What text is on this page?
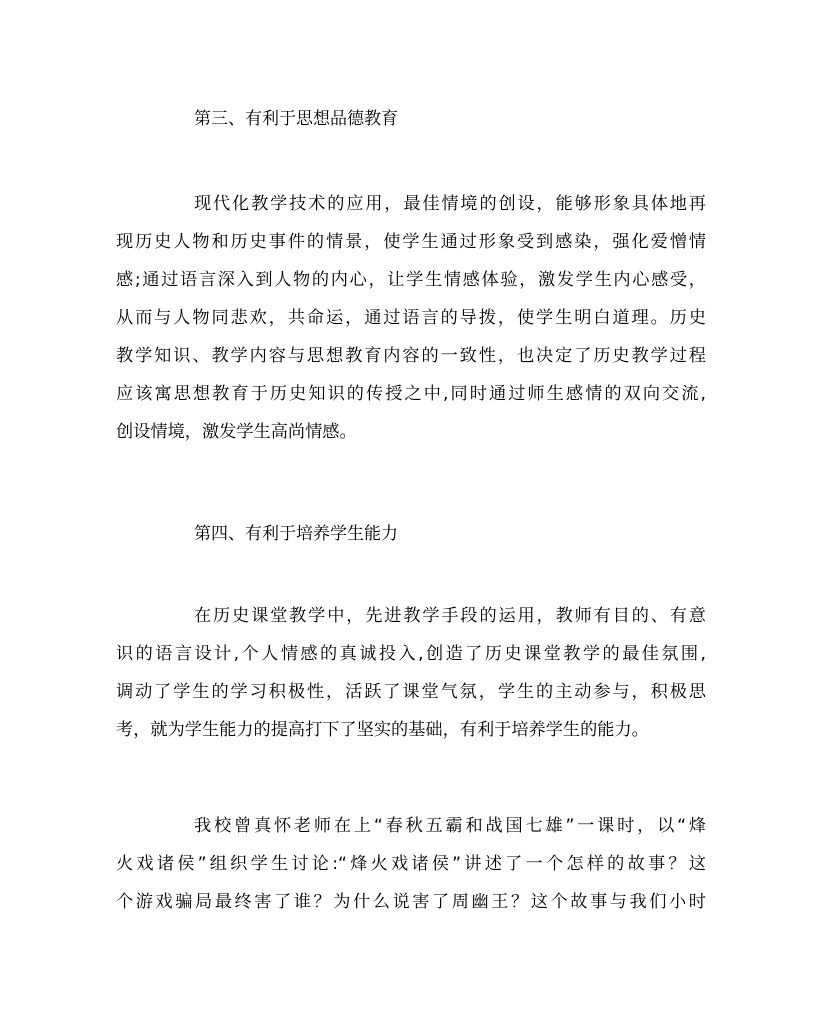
第三、有利于思想品德教育
现代化教学技术的应用，最佳情境的创设，能够形象具体地再
现历史人物和历史事件的情景，使学生通过形象受到感染，强化爱憎情
感;通过语言深入到人物的内心，让学生情感体验，激发学生内心感受，
从而与人物同悲欢，共命运，通过语言的导拨，使学生明白道理。历史
教学知识、教学内容与思想教育内容的一致性，也决定了历史教学过程
应该寓思想教育于历史知识的传授之中,同时通过师生感情的双向交流,
创设情境，激发学生高尚情感。
第四、有利于培养学生能力
在历史课堂教学中，先进教学手段的运用，教师有目的、有意
识的语言设计,个人情感的真诚投入,创造了历史课堂教学的最佳氛围,
调动了学生的学习积极性，活跃了课堂气氛，学生的主动参与，积极思
考，就为学生能力的提高打下了坚实的基础，有利于培养学生的能力。
我校曾真怀老师在上“春秋五霸和战国七雄”一课时，以“烽
火戏诸侯”组织学生讨论:“烽火戏诸侯”讲述了一个怎样的故事？这
个游戏骗局最终害了谁？为什么说害了周幽王？这个故事与我们小时
